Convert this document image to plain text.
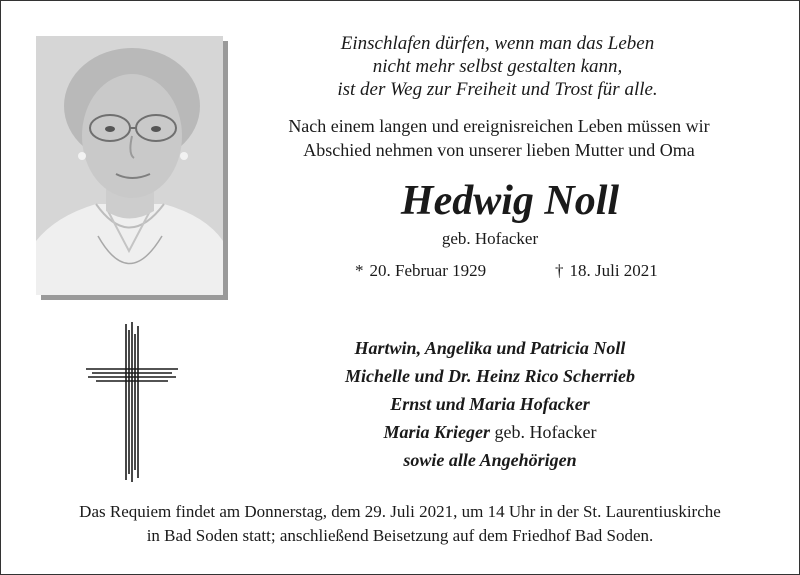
Einschlafen dürfen, wenn man das Leben
nicht mehr selbst gestalten kann,
ist der Weg zur Freiheit und Trost für alle.
Nach einem langen und ereignisreichen Leben müssen wir
Abschied nehmen von unserer lieben Mutter und Oma
Hedwig Noll
geb. Hofacker
* 20. Februar 1929	† 18. Juli 2021
Hartwin, Angelika und Patricia Noll
Michelle und Dr. Heinz Rico Scherrieb
Ernst und Maria Hofacker
Maria Krieger geb. Hofacker
sowie alle Angehörigen
Das Requiem findet am Donnerstag, dem 29. Juli 2021, um 14 Uhr in der St. Laurentiuskirche
in Bad Soden statt; anschließend Beisetzung auf dem Friedhof Bad Soden.
